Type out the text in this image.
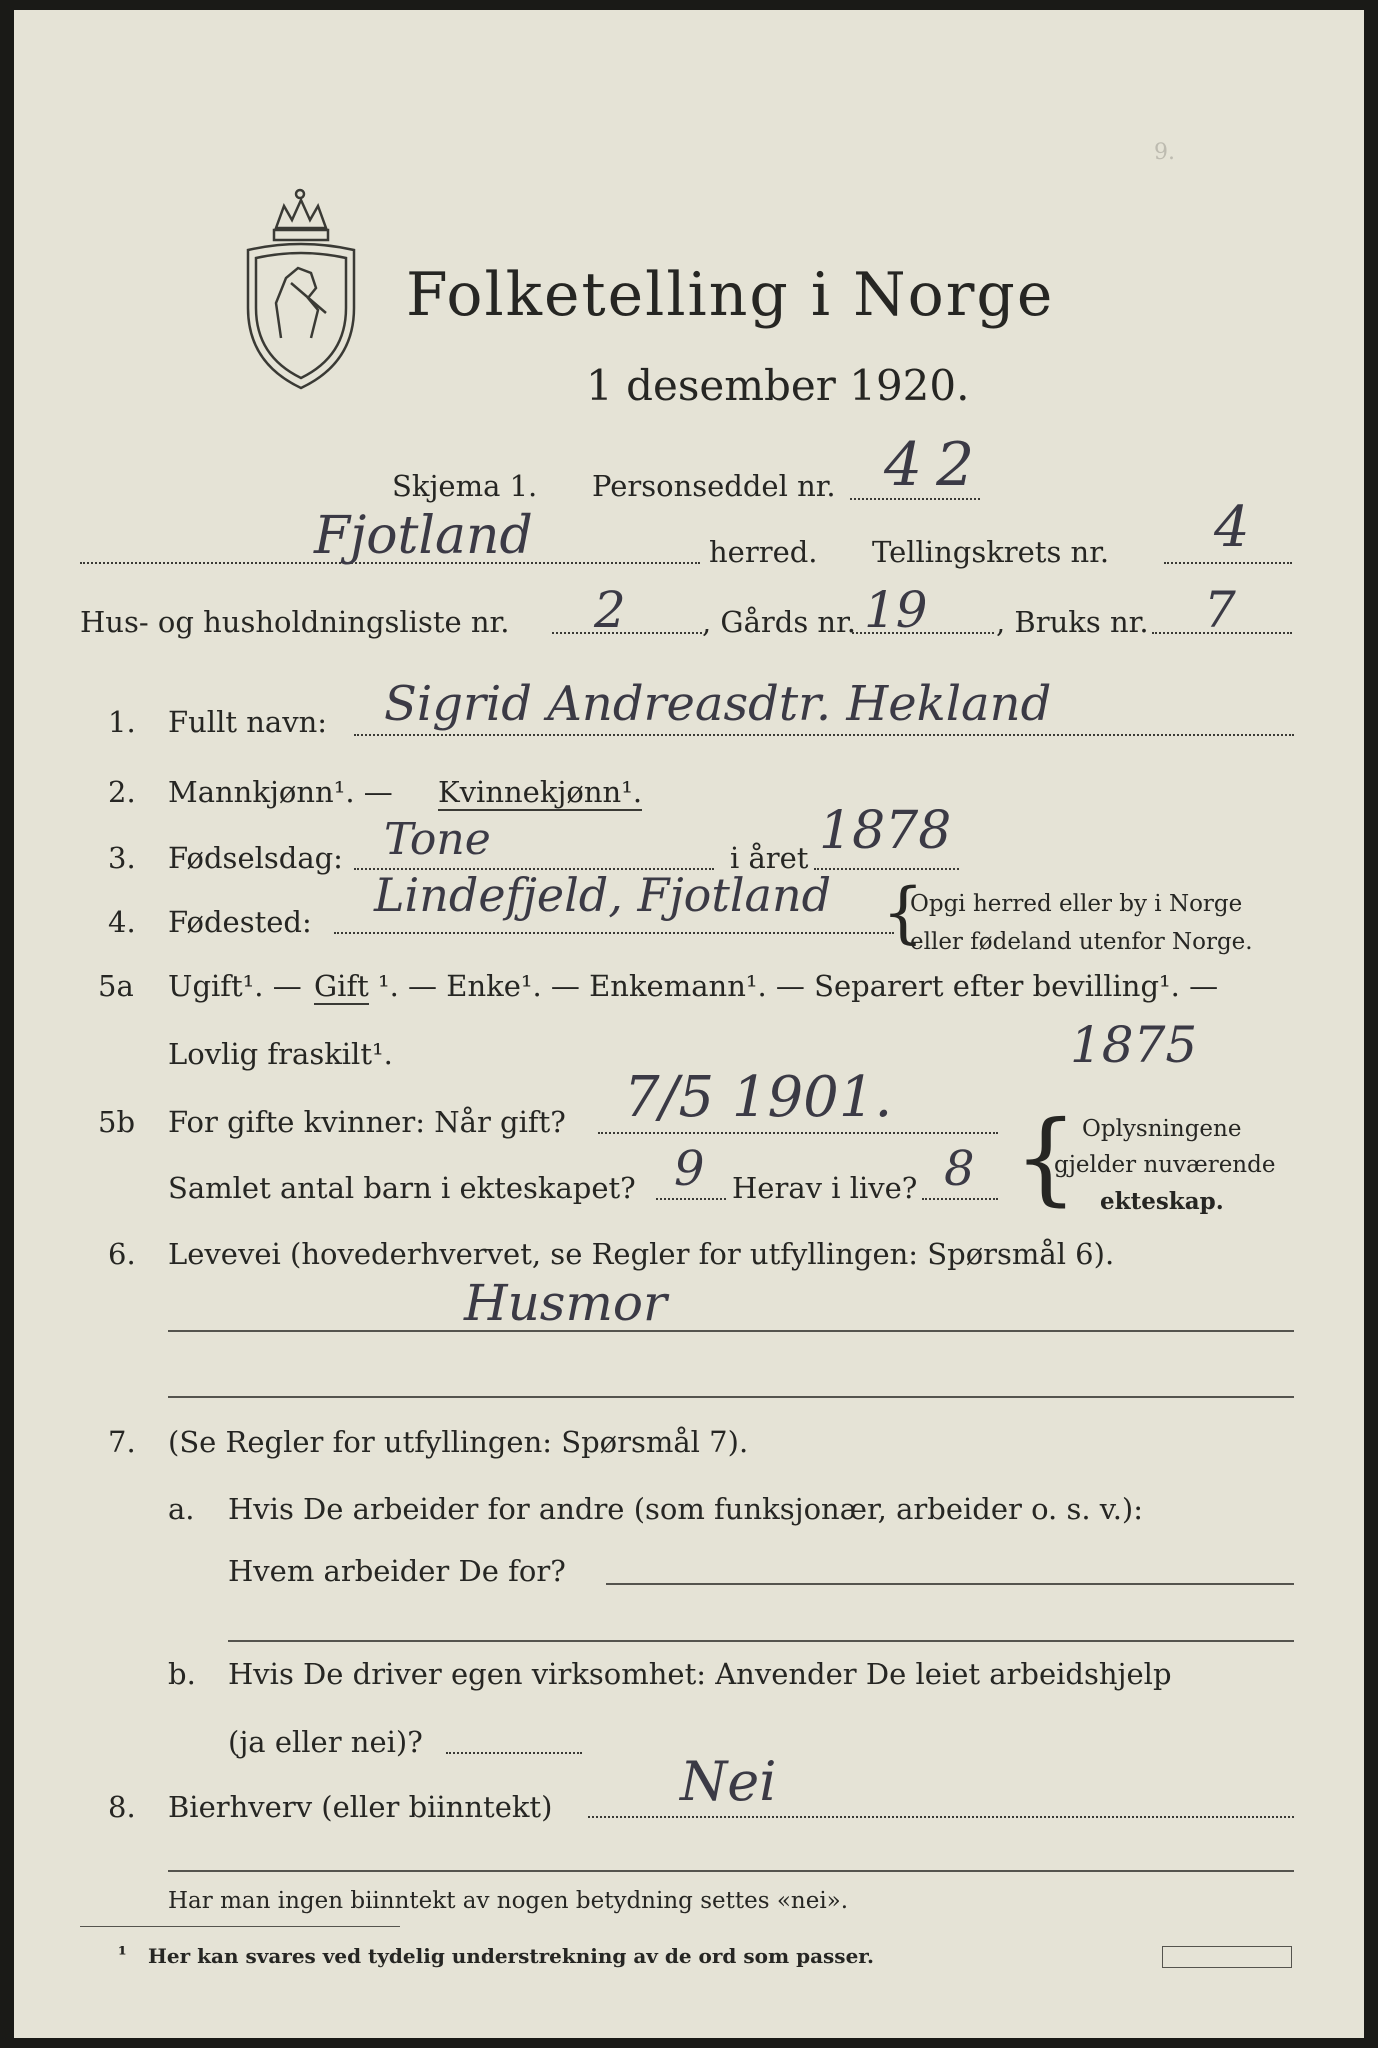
9.
Folketelling i Norge
1 desember 1920.
Skjema 1. Personseddel nr. 42
Fjotland	herred. Tellingskrets nr. 4
Hus- og husholdningsliste nr. 2	, Gårds nr. 19 , Bruks nr. 7
1. Fullt navn: Sigrid Andreasdtr. Hekland
2. Mannkjønn¹. — Kvinnekjønn¹.
3. Fødselsdag: Tone	i året 1878
4. Fødested: Lindefjeld, Fjotland {
Opgi herred eller by i Norge
eller fødeland utenfor Norge.
5a Ugift¹. — Gift ¹. — Enke¹. — Enkemann¹. — Separert efter bevilling¹. —
Lovlig fraskilt¹.	1875
5b For gifte kvinner: Når gift? 7/5 1901.
Samlet antal barn i ekteskapet? 9 Herav i live? 8 { Oplysningene
gjelder nuværende
ekteskap.
6. Levevei (hovederhvervet, se Regler for utfyllingen: Spørsmål 6).
Husmor
7. (Se Regler for utfyllingen: Spørsmål 7).
a. Hvis De arbeider for andre (som funksjonær, arbeider o. s. v.):
Hvem arbeider De for?
b. Hvis De driver egen virksomhet: Anvender De leiet arbeidshjelp
(ja eller nei)?
8. Bierhverv (eller biinntekt) Nei
Har man ingen biinntekt av nogen betydning settes «nei».
¹ Her kan svares ved tydelig understrekning av de ord som passer.
